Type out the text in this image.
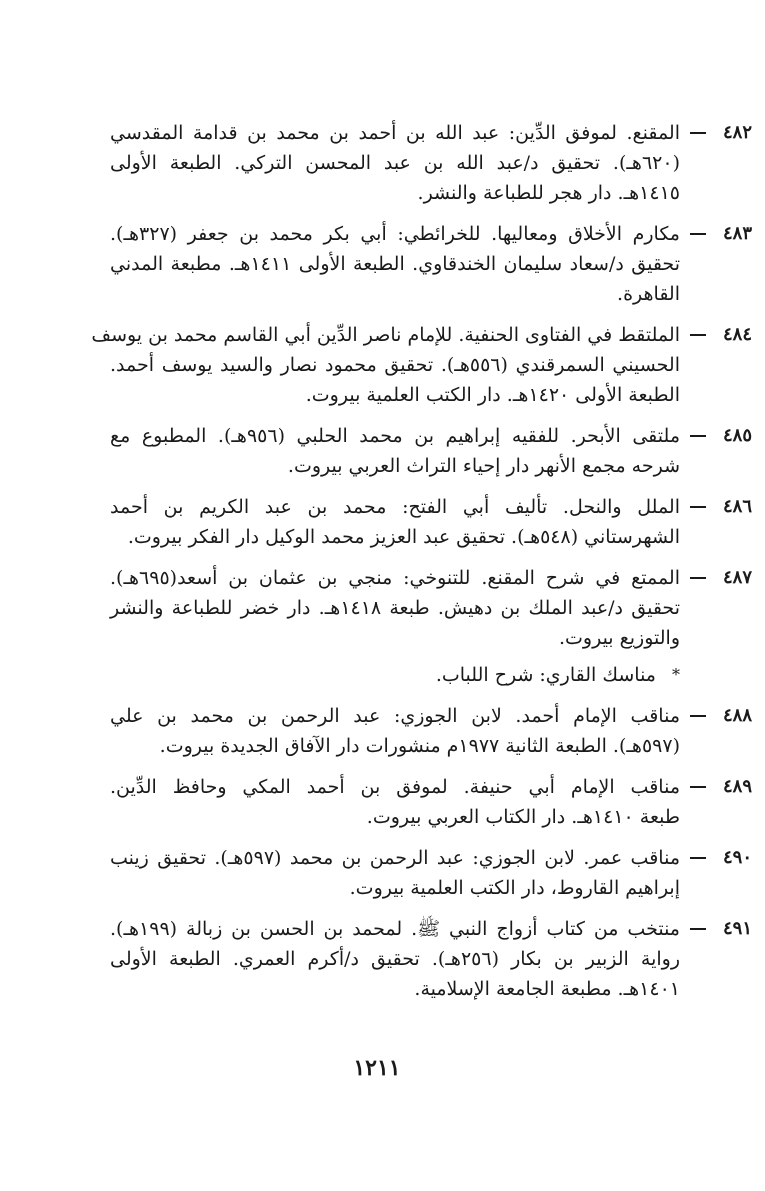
٤٨٢
المقنع. لموفق الدِّين: عبد الله بن أحمد بن محمد بن قدامة المقدسي
(٦٢٠هـ). تحقيق د/عبد الله بن عبد المحسن التركي. الطبعة الأولى
١٤١٥هـ. دار هجر للطباعة والنشر.
٤٨٣
مكارم الأخلاق ومعاليها. للخرائطي: أبي بكر محمد بن جعفر (٣٢٧هـ).
تحقيق د/سعاد سليمان الخندقاوي. الطبعة الأولى ١٤١١هـ. مطبعة المدني
القاهرة.
٤٨٤
الملتقط في الفتاوى الحنفية. للإمام ناصر الدِّين أبي القاسم محمد بن يوسف
الحسيني السمرقندي (٥٥٦هـ). تحقيق محمود نصار والسيد يوسف أحمد.
الطبعة الأولى ١٤٢٠هـ. دار الكتب العلمية بيروت.
٤٨٥
ملتقى الأبحر. للفقيه إبراهيم بن محمد الحلبي (٩٥٦هـ). المطبوع مع
شرحه مجمع الأنهر دار إحياء التراث العربي بيروت.
٤٨٦
الملل والنحل. تأليف أبي الفتح: محمد بن عبد الكريم بن أحمد
الشهرستاني (٥٤٨هـ). تحقيق عبد العزيز محمد الوكيل دار الفكر بيروت.
٤٨٧
الممتع في شرح المقنع. للتنوخي: منجي بن عثمان بن أسعد(٦٩٥هـ).
تحقيق د/عبد الملك بن دهيش. طبعة ١٤١٨هـ. دار خضر للطباعة والنشر
والتوزيع بيروت.
*
مناسك القاري: شرح اللباب.
٤٨٨
مناقب الإمام أحمد. لابن الجوزي: عبد الرحمن بن محمد بن علي
(٥٩٧هـ). الطبعة الثانية ١٩٧٧م منشورات دار الآفاق الجديدة بيروت.
٤٨٩
مناقب الإمام أبي حنيفة. لموفق بن أحمد المكي وحافظ الدِّين.
طبعة ١٤١٠هـ. دار الكتاب العربي بيروت.
٤٩٠
مناقب عمر. لابن الجوزي: عبد الرحمن بن محمد (٥٩٧هـ). تحقيق زينب
إبراهيم القاروط، دار الكتب العلمية بيروت.
٤٩١
منتخب من كتاب أزواج النبي ﷺ. لمحمد بن الحسن بن زبالة (١٩٩هـ).
رواية الزبير بن بكار (٢٥٦هـ). تحقيق د/أكرم العمري. الطبعة الأولى
١٤٠١هـ. مطبعة الجامعة الإسلامية.
١٢١١
